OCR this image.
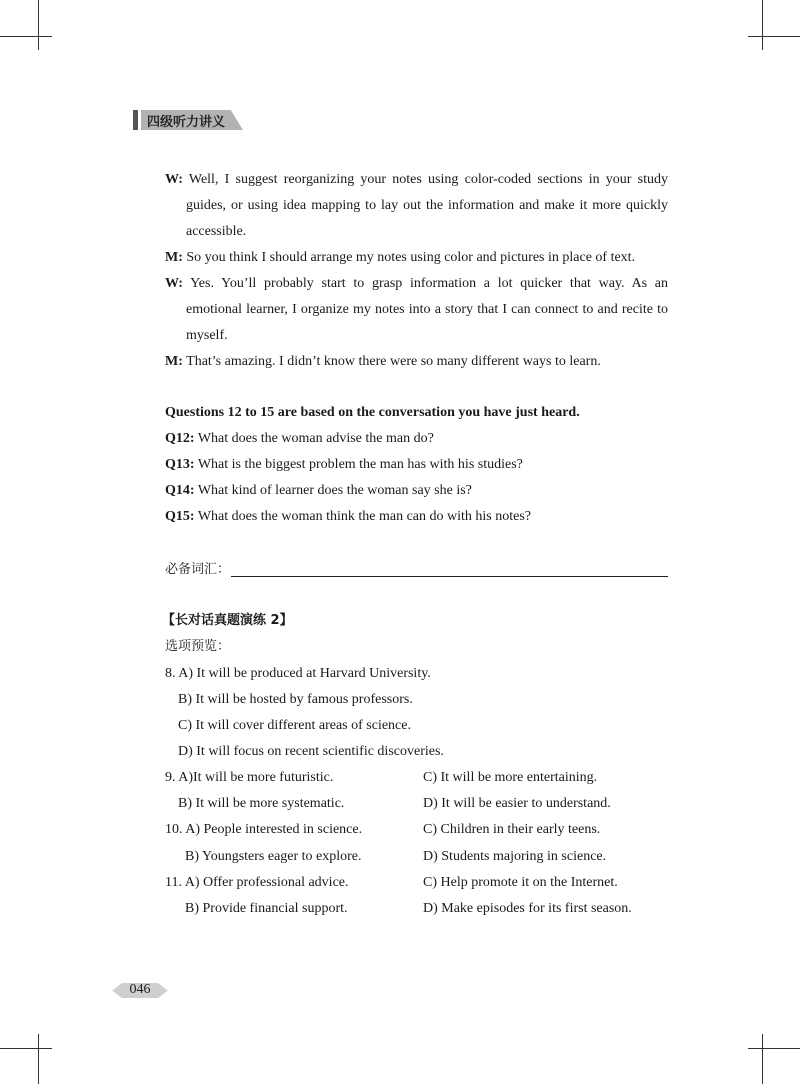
四级听力讲义
W: Well, I suggest reorganizing your notes using color-coded sections in your study
guides, or using idea mapping to lay out the information and make it more quickly
accessible.
M: So you think I should arrange my notes using color and pictures in place of text.
W: Yes. You’ll probably start to grasp information a lot quicker that way. As an
emotional learner, I organize my notes into a story that I can connect to and recite to
myself.
M: That’s amazing. I didn’t know there were so many different ways to learn.
Questions 12 to 15 are based on the conversation you have just heard.
Q12: What does the woman advise the man do?
Q13: What is the biggest problem the man has with his studies?
Q14: What kind of learner does the woman say she is?
Q15: What does the woman think the man can do with his notes?
必备词汇：
【长对话真题演练 2】
选项预览：
8. A) It will be produced at Harvard University.
B) It will be hosted by famous professors.
C) It will cover different areas of science.
D) It will focus on recent scientific discoveries.
9. A)It will be more futuristic.	C) It will be more entertaining.
B) It will be more systematic.	D) It will be easier to understand.
10. A) People interested in science.	C) Children in their early teens.
B) Youngsters eager to explore.	D) Students majoring in science.
11. A) Offer professional advice.	C) Help promote it on the Internet.
B) Provide financial support.	D) Make episodes for its first season.
046
